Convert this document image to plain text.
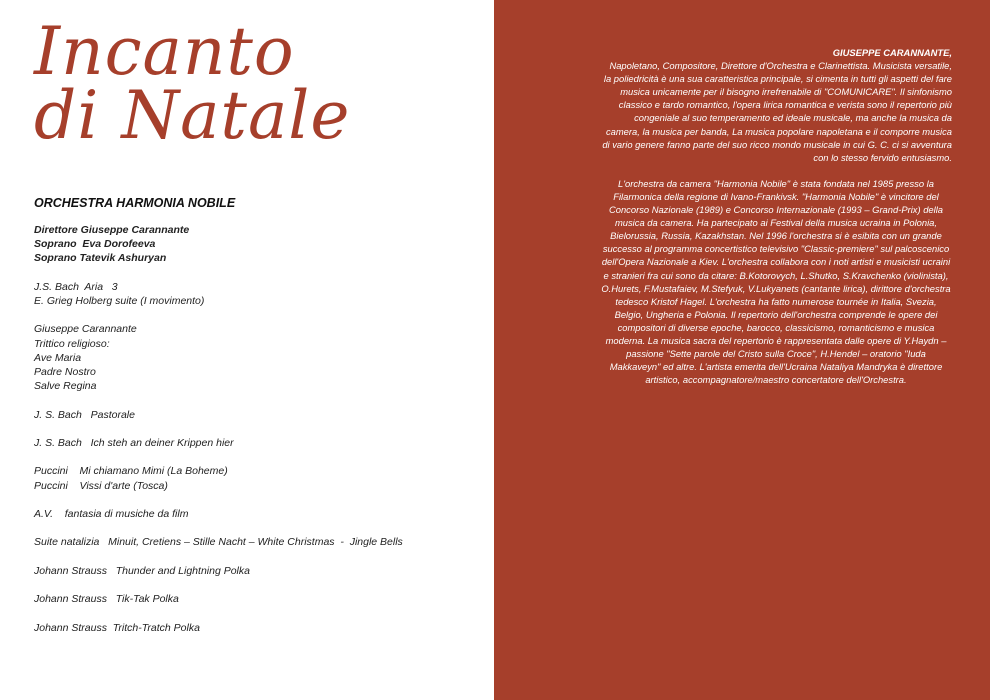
Incanto
di Natale
ORCHESTRA HARMONIA NOBILE
Direttore Giuseppe Carannante
Soprano  Eva Dorofeeva
Soprano Tatevik Ashuryan
J.S. Bach  Aria   3
E. Grieg Holberg suite (I movimento)
Giuseppe Carannante
Trittico religioso:
Ave Maria
Padre Nostro
Salve Regina
J. S. Bach   Pastorale
J. S. Bach   Ich steh an deiner Krippen hier
Puccini    Mi chiamano Mimi (La Boheme)
Puccini    Vissi d'arte (Tosca)
A.V.    fantasia di musiche da film
Suite natalizia   Minuit, Cretiens – Stille Nacht – White Christmas  -  Jingle Bells
Johann Strauss   Thunder and Lightning Polka
Johann Strauss   Tik-Tak Polka
Johann Strauss  Tritch-Tratch Polka

GIUSEPPE CARANNANTE,
Napoletano, Compositore, Direttore d'Orchestra e Clarinettista. Musicista versatile, la poliedricità è una sua caratteristica principale, si cimenta in tutti gli aspetti del fare musica unicamente per il bisogno irrefrenabile di "COMUNICARE". Il sinfonismo classico e tardo romantico, l'opera lirica romantica e verista sono il repertorio più congeniale al suo temperamento ed ideale musicale, ma anche la musica da camera, la musica per banda, La musica popolare napoletana e il comporre musica di vario genere fanno parte del suo ricco mondo musicale in cui G. C. ci si avventura con lo stesso fervido entusiasmo.

L'orchestra da camera "Harmonia Nobile" è stata fondata nel 1985 presso la Filarmonica della regione di Ivano-Frankivsk. "Harmonia Nobile" è vincitore del Concorso Nazionale (1989) e Concorso Internazionale (1993 – Grand-Prix) della musica da camera. Ha partecipato ai Festival della musica ucraina in Polonia, Bielorussia, Russia, Kazakhstan. Nel 1996 l'orchestra si è esibita con un grande successo al programma concertistico televisivo "Classic-premiere" sul palcoscenico dell'Opera Nazionale a Kiev. L'orchestra collabora con i noti artisti e musicisti ucraini e stranieri fra cui sono da citare: B.Kotorovych, L.Shutko, S.Kravchenko (violinista), O.Hurets, F.Mustafaiev, M.Stefyuk, V.Lukyanets (cantante lirica), dirittore d'orchestra tedesco Kristof Hagel. L'orchestra ha fatto numerose tournée in Italia, Svezia, Belgio, Ungheria e Polonia. Il repertorio dell'orchestra comprende le opere dei compositori di diverse epoche, barocco, classicismo, romanticismo e musica moderna. La musica sacra del repertorio è rappresentata dalle opere di Y.Haydn – passione "Sette parole del Cristo sulla Croce", H.Hendel – oratorio "Iuda Makkaveyn" ed altre. L'artista emerita dell'Ucraina Nataliya Mandryka è direttore artistico, accompagnatore/maestro concertatore dell'Orchestra.
